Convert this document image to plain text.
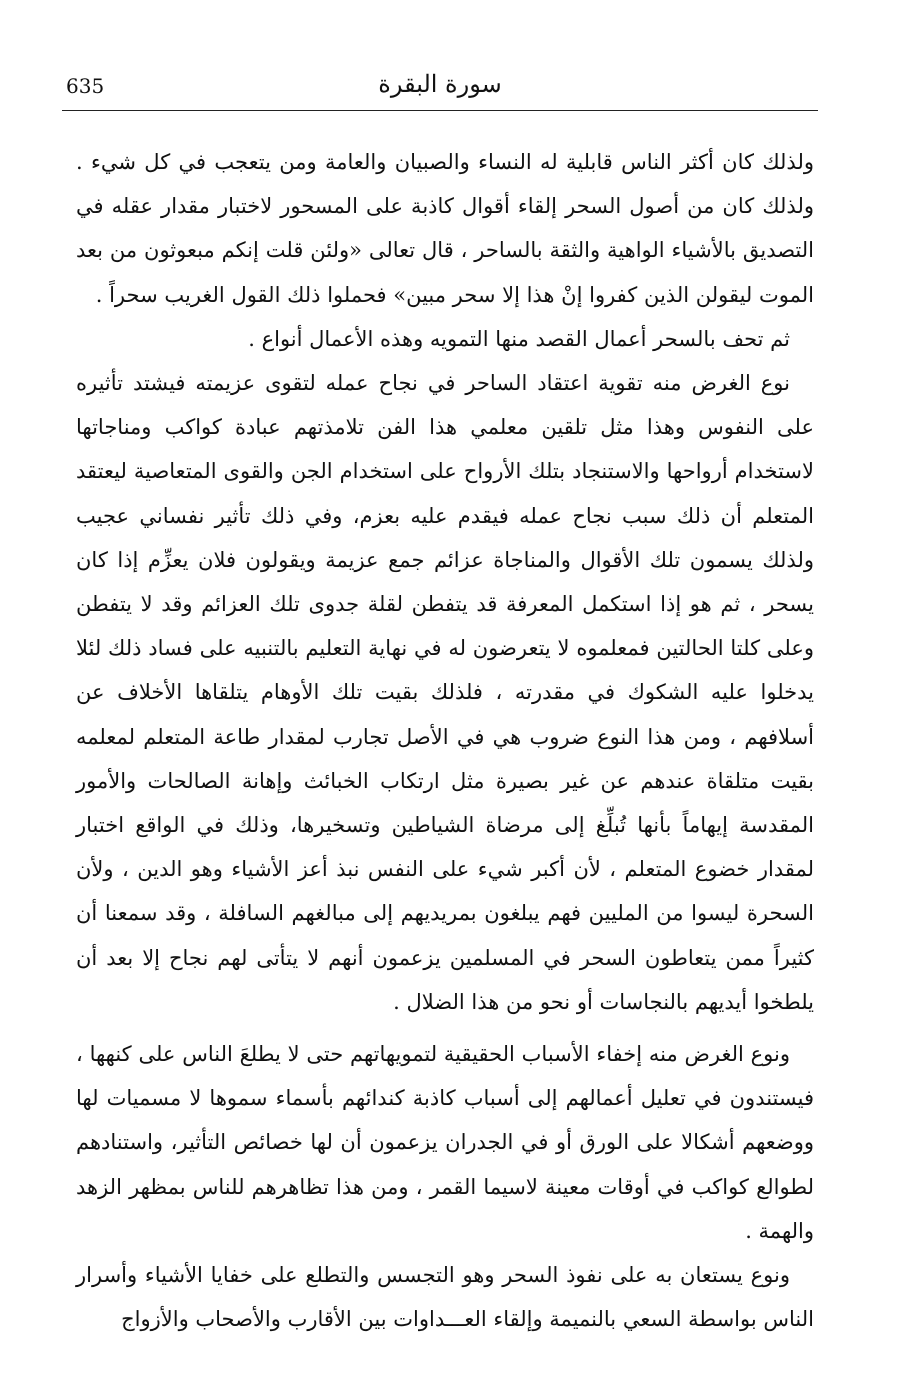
635	سورة البقرة

ولذلك كان أكثر الناس قابلية له النساء والصبيان والعامة ومن يتعجب في كل شيء . ولذلك كان من أصول السحر إلقاء أقوال كاذبة على المسحور لاختبار مقدار عقله في التصديق بالأشياء الواهية والثقة بالساحر ، قال تعالى «ولئن قلت إنكم مبعوثون من بعد الموت ليقولن الذين كفروا إنْ هذا إلا سحر مبين» فحملوا ذلك القول الغريب سحراً .

ثم تحف بالسحر أعمال القصد منها التمويه وهذه الأعمال أنواع .

نوع الغرض منه تقوية اعتقاد الساحر في نجاح عمله لتقوى عزيمته فيشتد تأثيره على النفوس وهذا مثل تلقين معلمي هذا الفن تلامذتهم عبادة كواكب ومناجاتها لاستخدام أرواحها والاستنجاد بتلك الأرواح على استخدام الجن والقوى المتعاصية ليعتقد المتعلم أن ذلك سبب نجاح عمله فيقدم عليه بعزم، وفي ذلك تأثير نفساني عجيب ولذلك يسمون تلك الأقوال والمناجاة عزائم جمع عزيمة ويقولون فلان يعزِّم إذا كان يسحر ، ثم هو إذا استكمل المعرفة قد يتفطن لقلة جدوى تلك العزائم وقد لا يتفطن وعلى كلتا الحالتين فمعلموه لا يتعرضون له في نهاية التعليم بالتنبيه على فساد ذلك لئلا يدخلوا عليه الشكوك في مقدرته ، فلذلك بقيت تلك الأوهام يتلقاها الأخلاف عن أسلافهم ، ومن هذا النوع ضروب هي في الأصل تجارب لمقدار طاعة المتعلم لمعلمه بقيت متلقاة عندهم عن غير بصيرة مثل ارتكاب الخبائث وإهانة الصالحات والأمور المقدسة إيهاماً بأنها تُبلِّغ إلى مرضاة الشياطين وتسخيرها، وذلك في الواقع اختبار لمقدار خضوع المتعلم ، لأن أكبر شيء على النفس نبذ أعز الأشياء وهو الدين ، ولأن السحرة ليسوا من المليين فهم يبلغون بمريديهم إلى مبالغهم السافلة ، وقد سمعنا أن كثيراً ممن يتعاطون السحر في المسلمين يزعمون أنهم لا يتأتى لهم نجاح إلا بعد أن يلطخوا أيديهم بالنجاسات أو نحو من هذا الضلال .

ونوع الغرض منه إخفاء الأسباب الحقيقية لتمويهاتهم حتى لا يطلعَ الناس على كنهها ، فيستندون في تعليل أعمالهم إلى أسباب كاذبة كندائهم بأسماء سموها لا مسميات لها ووضعهم أشكالا على الورق أو في الجدران يزعمون أن لها خصائص التأثير، واستنادهم لطوالع كواكب في أوقات معينة لاسيما القمر ، ومن هذا تظاهرهم للناس بمظهر الزهد والهمة .

ونوع يستعان به على نفوذ السحر وهو التجسس والتطلع على خفايا الأشياء وأسرار الناس بواسطة السعي بالنميمة وإلقاء العـــداوات بين الأقارب والأصحاب والأزواج
